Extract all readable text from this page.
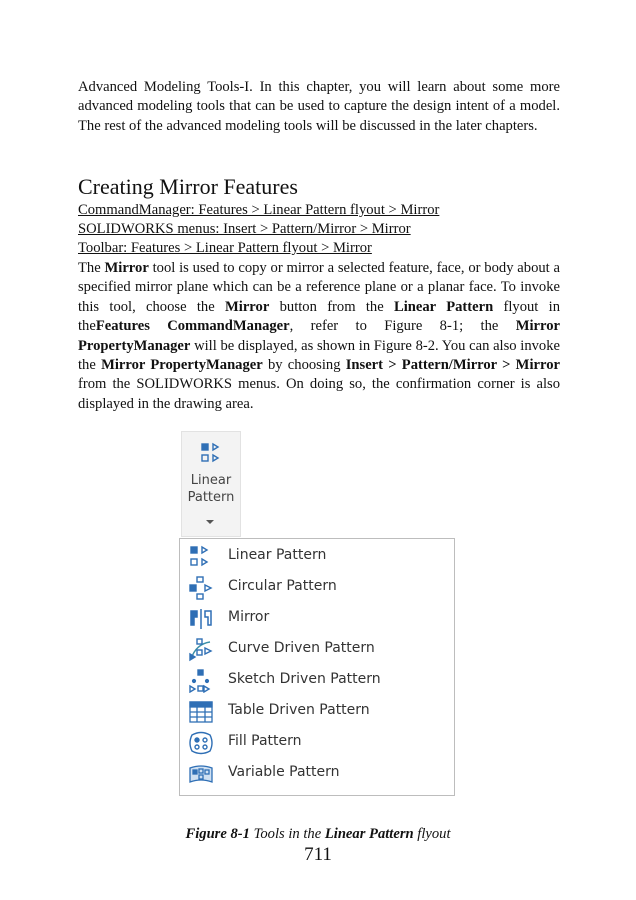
Advanced Modeling Tools-I. In this chapter, you will learn about some more advanced modeling tools that can be used to capture the design intent of a model. The rest of the advanced modeling tools will be discussed in the later chapters.

Creating Mirror Features
CommandManager: Features > Linear Pattern flyout > Mirror
SOLIDWORKS menus: Insert > Pattern/Mirror > Mirror
Toolbar: Features > Linear Pattern flyout > Mirror

The Mirror tool is used to copy or mirror a selected feature, face, or body about a specified mirror plane which can be a reference plane or a planar face. To invoke this tool, choose the Mirror button from the Linear Pattern flyout in theFeatures CommandManager, refer to Figure 8-1; the Mirror PropertyManager will be displayed, as shown in Figure 8-2. You can also invoke the Mirror PropertyManager by choosing Insert > Pattern/Mirror > Mirror from the SOLIDWORKS menus. On doing so, the confirmation corner is also displayed in the drawing area.

Linear
Pattern
Linear Pattern
Circular Pattern
Mirror
Curve Driven Pattern
Sketch Driven Pattern
Table Driven Pattern
Fill Pattern
Variable Pattern

Figure 8-1 Tools in the Linear Pattern flyout

711
